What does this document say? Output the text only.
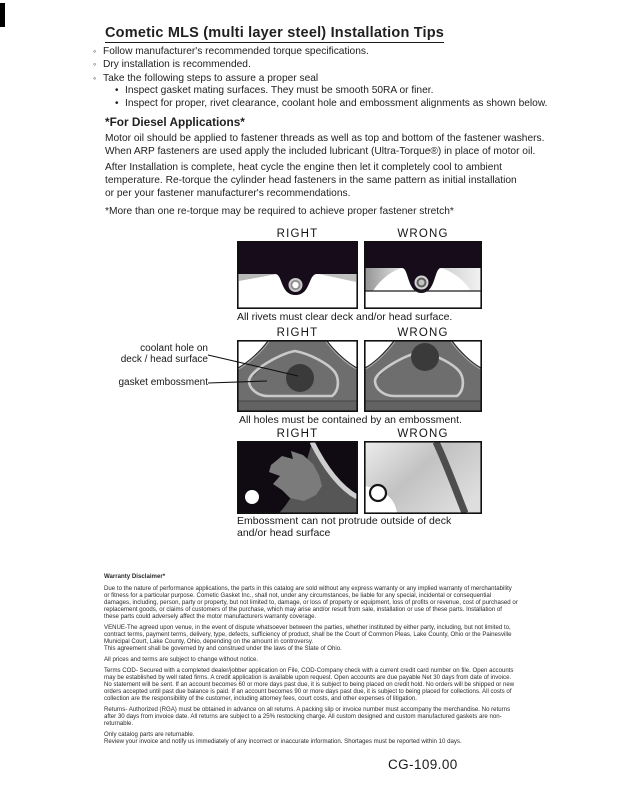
Cometic MLS (multi layer steel) Installation Tips
◦ Follow manufacturer's recommended torque specifications.
◦ Dry installation is recommended.
◦ Take the following steps to assure a proper seal
• Inspect gasket mating surfaces. They must be smooth 50RA or finer.
• Inspect for proper, rivet clearance, coolant hole and embossment alignments as shown below.
*For Diesel Applications*
Motor oil should be applied to fastener threads as well as top and bottom of the fastener washers.
When ARP fasteners are used apply the included lubricant (Ultra-Torque®) in place of motor oil.
After Installation is complete, heat cycle the engine then let it completely cool to ambient
temperature. Re-torque the cylinder head fasteners in the same pattern as initial installation
or per your fastener manufacturer's recommendations.
*More than one re-torque may be required to achieve proper fastener stretch*
RIGHT	WRONG
All rivets must clear deck and/or head surface.
RIGHT	WRONG
coolant hole on
deck / head surface
gasket embossment
All holes must be contained by an embossment.
RIGHT	WRONG
Embossment can not protrude outside of deck
and/or head surface

Warranty Disclaimer*

Due to the nature of performance applications, the parts in this catalog are sold without any express warranty or any implied warranty of merchantability or fitness for a particular purpose. Cometic Gasket Inc., shall not, under any circumstances, be liable for any special, incidental or consequential damages, including, person, party or property, but not limited to, damage, or loss of property or equipment, loss of profits or revenue, cost of purchased or replacement goods, or claims of customers of the purchase, which may arise and/or result from sale, installation or use of these parts. Installation of these parts could adversely affect the motor manufacturers warranty coverage.

VENUE-The agreed upon venue, in the event of dispute whatsoever between the parties, whether instituted by either party, including, but not limited to, contract terms, payment terms, delivery, type, defects, sufficiency of product, shall be the Court of Common Pleas, Lake County, Ohio or the Painesville Municipal Court, Lake County, Ohio, depending on the amount in controversy.

This agreement shall be governed by and construed under the laws of the State of Ohio.

All prices and terms are subject to change without notice.

Terms COD- Secured with a completed dealer/jobber application on File, COD-Company check with a current credit card number on file. Open accounts may be established by well rated firms. A credit application is available upon request. Open accounts are due payable Net 30 days from date of invoice. No statement will be sent. If an account becomes 60 or more days past due, it is subject to being placed on credit hold. No orders will be shipped or new orders accepted until past due balance is paid. If an account becomes 90 or more days past due, it is subject to being placed for collections. All costs of collection are the responsibility of the customer, including attorney fees, court costs, and other expenses of litigation.

Returns- Authorized (RGA) must be obtained in advance on all returns. A packing slip or invoice number must accompany the merchandise. No returns after 30 days from invoice date. All returns are subject to a 25% restocking charge. All custom designed and custom manufactured gaskets are non-returnable.

Only catalog parts are returnable.

Review your invoice and notify us immediately of any incorrect or inaccurate information. Shortages must be reported within 10 days.

CG-109.00
